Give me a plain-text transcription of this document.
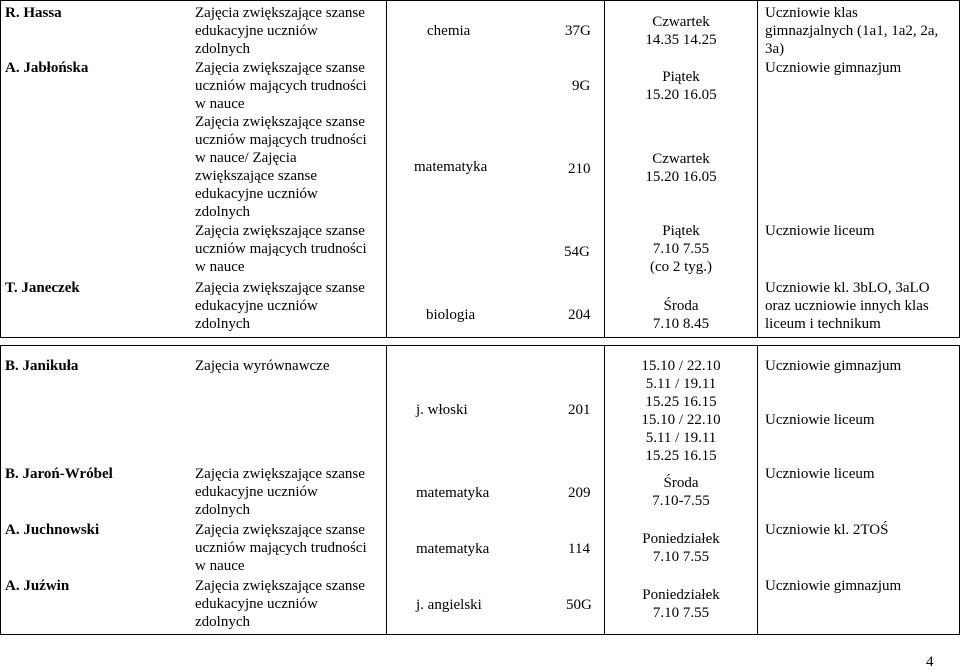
R. Hassa
A. Jabłońska
T. Janeczek
Zajęcia zwiększające szanse
edukacyjne uczniów
zdolnych
Zajęcia zwiększające szanse
uczniów mających trudności
w nauce
Zajęcia zwiększające szanse
uczniów mających trudności
w nauce/ Zajęcia
zwiększające szanse
edukacyjne uczniów
zdolnych
Zajęcia zwiększające szanse
uczniów mających trudności
w nauce
Zajęcia zwiększające szanse
edukacyjne uczniów
zdolnych
chemia
matematyka
biologia
37G
9G
210
54G
204
Czwartek
14.35 14.25
Piątek
15.20 16.05
Czwartek
15.20 16.05
Piątek
7.10 7.55
(co 2 tyg.)
Środa
7.10 8.45
Uczniowie klas
gimnazjalnych (1a1, 1a2, 2a,
3a)
Uczniowie gimnazjum
Uczniowie liceum
Uczniowie kl. 3bLO, 3aLO
oraz uczniowie innych klas
liceum i technikum
B. Janikuła
B. Jaroń-Wróbel
A. Juchnowski
A. Juźwin
Zajęcia wyrównawcze
Zajęcia zwiększające szanse
edukacyjne uczniów
zdolnych
Zajęcia zwiększające szanse
uczniów mających trudności
w nauce
Zajęcia zwiększające szanse
edukacyjne uczniów
zdolnych
j. włoski
matematyka
matematyka
j. angielski
201
209
114
50G
15.10 / 22.10
5.11 / 19.11
15.25 16.15
15.10 / 22.10
5.11 / 19.11
15.25 16.15
Środa
7.10-7.55
Poniedziałek
7.10 7.55
Poniedziałek
7.10 7.55
Uczniowie gimnazjum
Uczniowie liceum
Uczniowie liceum
Uczniowie kl. 2TOŚ
Uczniowie gimnazjum
4
